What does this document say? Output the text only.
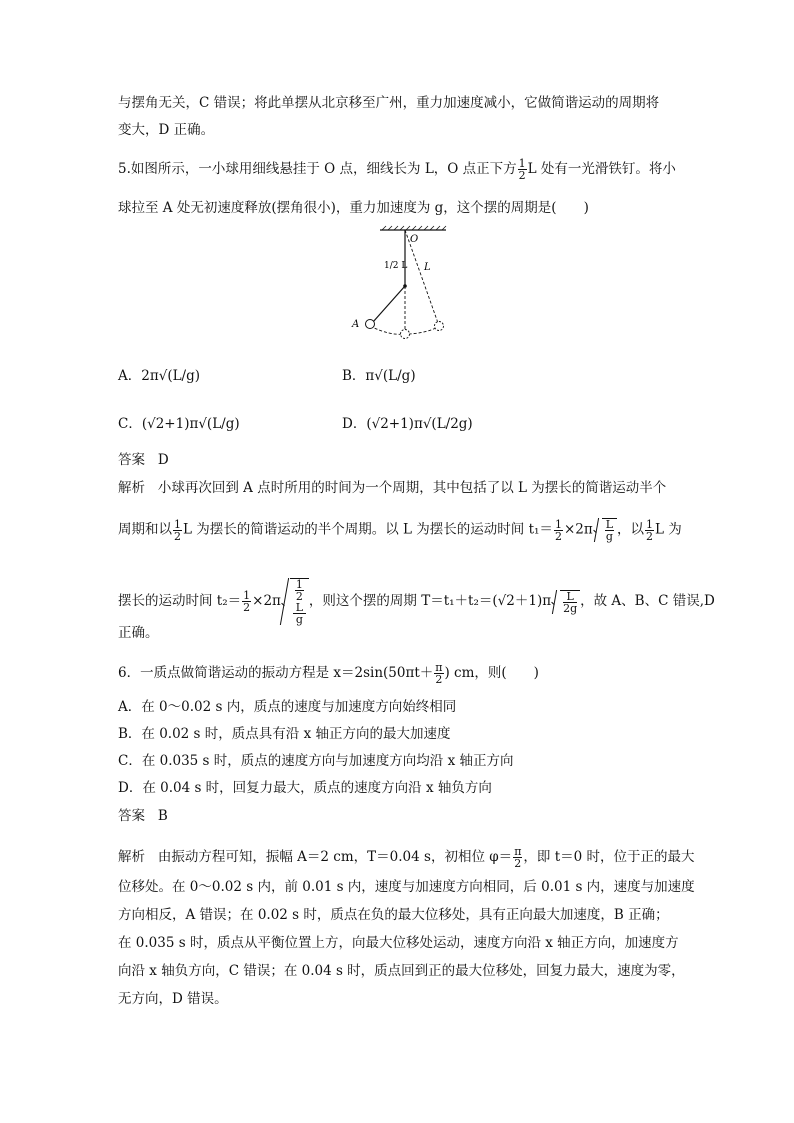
与摆角无关，C 错误；将此单摆从北京移至广州，重力加速度减小，它做简谐运动的周期将
变大，D 正确。
5.如图所示，一小球用细线悬挂于 O 点，细线长为 L，O 点正下方 $\frac{1}{2}$ L 处有一光滑铁钉。将小
球拉至 A 处无初速度释放(摆角很小)，重力加速度为 g，这个摆的周期是(　　)
O
1/2 L L
A
A．2π√(L/g)	B．π√(L/g)
C．(√2+1)π√(L/g)	D．(√2+1)π√(L/2g)
答案 D
解析 小球再次回到 A 点时所用的时间为一个周期，其中包括了以 L 为摆长的简谐运动半个
周期和以 $\frac{1}{2}$ L 为摆长的简谐运动的半个周期。以 L 为摆长的运动时间 $t_1= \frac{1}{2} \times 2\pi \frac{L}{g}$ ，以 $\frac{1}{2}$ L 为
摆长的运动时间 $t_2= \frac{1}{2} \times 2\pi$ 1
2
L
g ，则这个摆的周期 $T=t_1+t_2=(√2+1)\pi \frac{L}{2g}$ ，故 A、B、C 错误,D
正确。
6．一质点做简谐运动的振动方程是 $x=2\sin(50\pi t+ \frac{\pi}{2}$ ) cm，则(　　)
A．在 0～0.02 s 内，质点的速度与加速度方向始终相同
B．在 0.02 s 时，质点具有沿 x 轴正方向的最大加速度
C．在 0.035 s 时，质点的速度方向与加速度方向均沿 x 轴正方向
D．在 0.04 s 时，回复力最大，质点的速度方向沿 x 轴负方向
答案 B
解析 由振动方程可知，振幅 A＝2 cm，T＝0.04 s，初相位 $\varphi= \frac{\pi}{2}$ ，即 t＝0 时，位于正的最大
位移处。在 0～0.02 s 内，前 0.01 s 内，速度与加速度方向相同，后 0.01 s 内，速度与加速度
方向相反，A 错误；在 0.02 s 时，质点在负的最大位移处，具有正向最大加速度，B 正确；
在 0.035 s 时，质点从平衡位置上方，向最大位移处运动，速度方向沿 x 轴正方向，加速度方
向沿 x 轴负方向，C 错误；在 0.04 s 时，质点回到正的最大位移处，回复力最大，速度为零，
无方向，D 错误。
